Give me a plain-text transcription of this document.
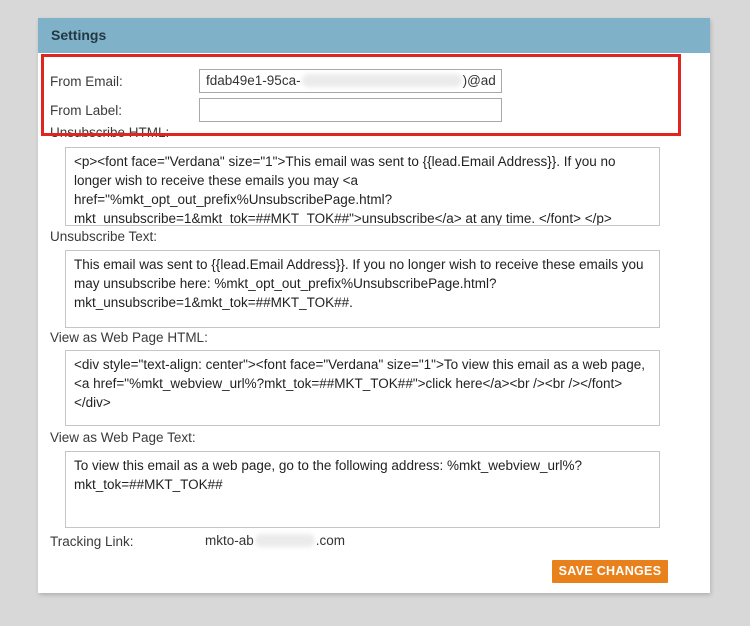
Settings
From Email:	fdab49e1-95ca-	)@ad
From Label:
Unsubscribe HTML:
<p><font face="Verdana" size="1">This email was sent to {{lead.Email Address}}. If you no longer wish to receive these emails you may <a href="%mkt_opt_out_prefix%UnsubscribePage.html?mkt_unsubscribe=1&mkt_tok=##MKT_TOK##">unsubscribe</a> at any time. </font> </p>
Unsubscribe Text:
This email was sent to {{lead.Email Address}}. If you no longer wish to receive these emails you may unsubscribe here: %mkt_opt_out_prefix%UnsubscribePage.html?mkt_unsubscribe=1&mkt_tok=##MKT_TOK##.
View as Web Page HTML:
<div style="text-align: center"><font face="Verdana" size="1">To view this email as a web page, <a href="%mkt_webview_url%?mkt_tok=##MKT_TOK##">click here</a><br /><br /></font></div>
View as Web Page Text:
To view this email as a web page, go to the following address: %mkt_webview_url%?mkt_tok=##MKT_TOK##
Tracking Link:	mkto-ab	.com
SAVE CHANGES
